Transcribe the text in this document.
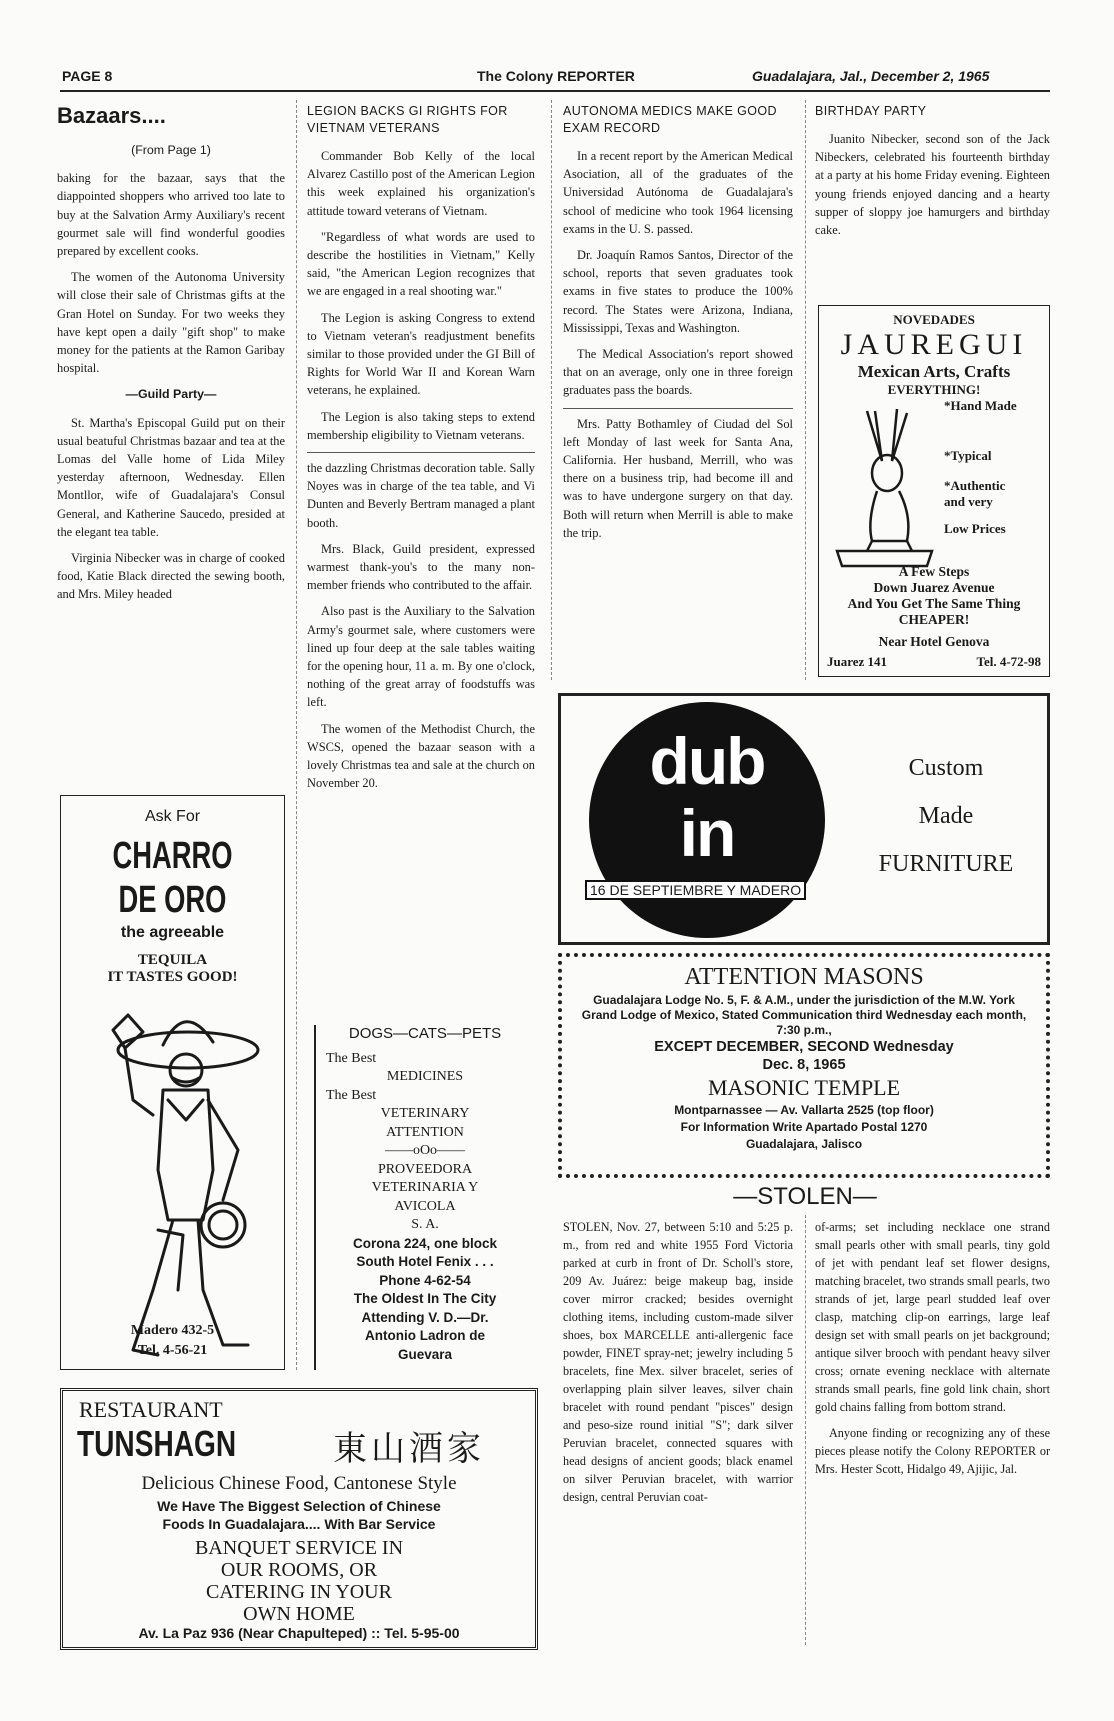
PAGE 8	The Colony REPORTER	Guadalajara, Jal., December 2, 1965
Bazaars....
(From Page 1)

baking for the bazaar, says that the diappointed shoppers who arrived too late to buy at the Salvation Army Auxiliary's recent gourmet sale will find wonderful goodies prepared by excellent cooks.

The women of the Autonoma University will close their sale of Christmas gifts at the Gran Hotel on Sunday. For two weeks they have kept open a daily "gift shop" to make money for the patients at the Ramon Garibay hospital.

—Guild Party—

St. Martha's Episcopal Guild put on their usual beatuful Christmas bazaar and tea at the Lomas del Valle home of Lida Miley yesterday afternoon, Wednesday. Ellen Montllor, wife of Guadalajara's Consul General, and Katherine Saucedo, presided at the elegant tea table.

Virginia Nibecker was in charge of cooked food, Katie Black directed the sewing booth, and Mrs. Miley headed

Ask For
CHARRO DE ORO
the agreeable
TEQUILA
IT TASTES GOOD!
Madero 432-5
Tel. 4-56-21
LEGION BACKS GI RIGHTS FOR VIETNAM VETERANS

Commander Bob Kelly of the local Alvarez Castillo post of the American Legion this week explained his organization's attitude toward veterans of Vietnam.

"Regardless of what words are used to describe the hostilities in Vietnam," Kelly said, "the American Legion recognizes that we are engaged in a real shooting war."

The Legion is asking Congress to extend to Vietnam veteran's readjustment benefits similar to those provided under the GI Bill of Rights for World War II and Korean Warn veterans, he explained.

The Legion is also taking steps to extend membership eligibility to Vietnam veterans.

the dazzling Christmas decoration table. Sally Noyes was in charge of the tea table, and Vi Dunten and Beverly Bertram managed a plant booth.

Mrs. Black, Guild president, expressed warmest thank-you's to the many non-member friends who contributed to the affair.

Also past is the Auxiliary to the Salvation Army's gourmet sale, where customers were lined up four deep at the sale tables waiting for the opening hour, 11 a. m. By one o'clock, nothing of the great array of foodstuffs was left.

The women of the Methodist Church, the WSCS, opened the bazaar season with a lovely Christmas tea and sale at the church on November 20.

DOGS—CATS—PETS
The Best
MEDICINES
The Best
VETERINARY
ATTENTION
——oOo——
PROVEEDORA
VETERINARIA Y
AVICOLA
S. A.
Corona 224, one block
South Hotel Fenix . . .
Phone 4-62-54
The Oldest In The City
Attending V. D.—Dr.
Antonio Ladron de
Guevara
AUTONOMA MEDICS MAKE GOOD EXAM RECORD

In a recent report by the American Medical Asociation, all of the graduates of the Universidad Autónoma de Guadalajara's school of medicine who took 1964 licensing exams in the U. S. passed.

Dr. Joaquín Ramos Santos, Director of the school, reports that seven graduates took exams in five states to produce the 100% record. The States were Arizona, Indiana, Mississippi, Texas and Washington.

The Medical Association's report showed that on an average, only one in three foreign graduates pass the boards.

Mrs. Patty Bothamley of Ciudad del Sol left Monday of last week for Santa Ana, California. Her husband, Merrill, who was there on a business trip, had become ill and was to have undergone surgery on that day. Both will return when Merrill is able to make the trip.

BIRTHDAY PARTY

Juanito Nibecker, second son of the Jack Nibeckers, celebrated his fourteenth birthday at a party at his home Friday evening. Eighteen young friends enjoyed dancing and a hearty supper of sloppy joe hamurgers and birthday cake.

NOVEDADES
JAUREGUI
Mexican Arts, Crafts
EVERYTHING!
*Hand Made
*Typical
*Authentic
and very
Low Prices
A Few Steps
Down Juarez Avenue
And You Get The Same Thing
CHEAPER!
Near Hotel Genova
Juarez 141	Tel. 4-72-98
dub
in
16 DE SEPTIEMBRE Y MADERO
Custom
Made
FURNITURE
ATTENTION MASONS
Guadalajara Lodge No. 5, F. & A.M., under the jurisdiction of the M.W. York Grand Lodge of Mexico, Stated Communication third Wednesday each month, 7:30 p.m.,
EXCEPT DECEMBER, SECOND Wednesday
Dec. 8, 1965
MASONIC TEMPLE
Montparnassee — Av. Vallarta 2525 (top floor)
For Information Write Apartado Postal 1270
Guadalajara, Jalisco
—STOLEN—

STOLEN, Nov. 27, between 5:10 and 5:25 p. m., from red and white 1955 Ford Victoria parked at curb in front of Dr. Scholl's store, 209 Av. Juárez: beige makeup bag, inside cover mirror cracked; besides overnight clothing items, including custom-made silver shoes, box MARCELLE anti-allergenic face powder, FINET spray-net; jewelry including 5 bracelets, fine Mex. silver bracelet, series of overlapping plain silver leaves, silver chain bracelet with round pendant "pisces" design and peso-size round initial "S"; dark silver Peruvian bracelet, connected squares with head designs of ancient goods; black enamel on silver Peruvian bracelet, with warrior design, central Peruvian coat-

of-arms; set including necklace one strand small pearls other with small pearls, tiny gold of jet with pendant leaf set flower designs, matching bracelet, two strands small pearls, two strands of jet, large pearl studded leaf over clasp, matching clip-on earrings, large leaf design set with small pearls on jet background; antique silver brooch with pendant heavy silver cross; ornate evening necklace with alternate strands small pearls, fine gold link chain, short gold chains falling from bottom strand.

Anyone finding or recognizing any of these pieces please notify the Colony REPORTER or Mrs. Hester Scott, Hidalgo 49, Ajijic, Jal.

RESTAURANT
TUNSHAGN	東山酒家
Delicious Chinese Food, Cantonese Style
We Have The Biggest Selection of Chinese
Foods In Guadalajara.... With Bar Service
BANQUET SERVICE IN
OUR ROOMS, OR
CATERING IN YOUR
OWN HOME
Av. La Paz 936 (Near Chapulteped) :: Tel. 5-95-00
